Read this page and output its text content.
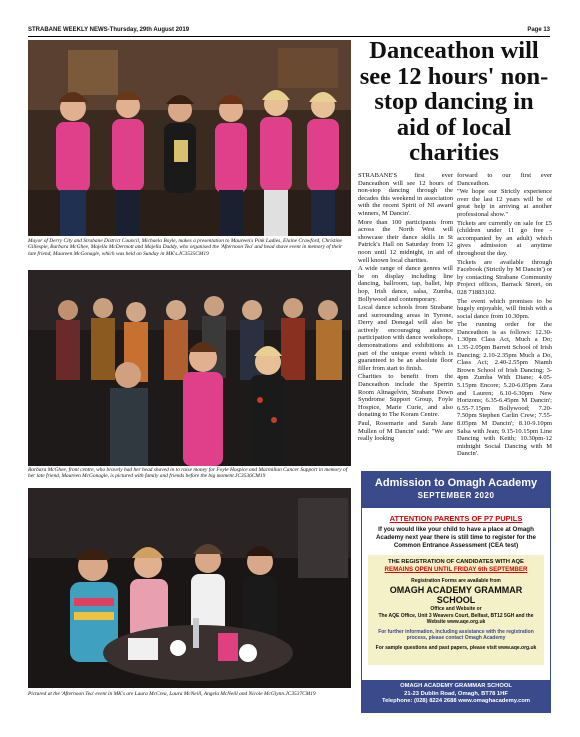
STRABANE WEEKLY NEWS-Thursday, 29th August 2019	Page 13
Mayor of Derry City and Strabane District Council, Michaela Boyle, makes a presentation to Maureen's Pink Ladies, Elaine Crawford, Christine Gillespie, Barbara McGhee, Majella McDermott and Majella Daddy, who organised the 'Afternoon Tea' and head shave event in memory of their late friend, Maureen McGonagle, which was held on Sunday in MK's.JC3535CM19
Barbara McGhee, front centre, who bravely had her head shaved in to raise money for Foyle Hospice and Macmillan Cancer Support in memory of her late friend, Maureen McGonagle, is pictured with family and friends before the big moment.JC3536CM19
Pictured at the 'Afternoon Tea' event in MK's are Laura McCrea, Laura McNeill, Angela McNeill and Nicole McGlynn.JC3537CM19
Danceathon will see 12 hours' non-stop dancing in aid of local charities

STRABANE'S first ever Danceathon will see 12 hours of non-stop dancing through the decades this weekend in association with the recent Spirit of NI award winners, M Dancin'.

More than 100 participants from across the North West will showcase their dance skills in St Patrick's Hall on Saturday from 12 noon until 12 midnight, in aid of well known local charities.

A wide range of dance genres will be on display including line dancing, ballroom, tap, ballet, hip hop, Irish dance, salsa, Zumba, Bollywood and contemporary.

Local dance schools from Strabane and surrounding areas in Tyrone, Derry and Donegal will also be actively encouraging audience participation with dance workshops, demonstrations and exhibitions as part of the unique event which is guaranteed to be an absolute floor filler from start to finish.

Charities to benefit from the Danceathon include the Sperrin Room Altnagelvin, Strabane Down Syndrome Support Group, Foyle Hospice, Marie Curie, and also donating to The Koram Centre.

Paul, Rosemarie and Sarah Jane Mullen of M Dancin' said: "We are really looking

forward to our first ever Danceathon.

"We hope our Strictly experience over the last 12 years will be of great help in arriving at another professional show."

Tickets are currently on sale for £5 (children under 11 go free - accompanied by an adult) which gives admission at anytime throughout the day.

Tickets are available through Facebook (Strictly by M Dancin') or by contacting Strabane Community Project offices, Barrack Street, on 028 71883102.

The event which promises to be hugely enjoyable, will finish with a social dance from 10.30pm.

The running order for the Danceathon is as follows: 12.30-1.30pm Class Act, Much a Do; 1.35-2.05pm Barrett School of Irish Dancing; 2.10-2.35pm Much a Do, Class Act; 2.40-2.55pm Niamh Brown School of Irish Dancing; 3-4pm Zumba With Diane; 4.05-5.15pm Encore; 5.20-6.05pm Zara and Lauren; 6.10-6.30pm New Horizons; 6.35-6.45pm M Dancin'; 6.55-7.15pm Bollywood; 7.20-7.50pm Stephen Carlin Crew; 7.55-8.05pm M Dancin'; 8.10-9.10pm Salsa with Jean; 9.15-10.15pm Line Dancing with Keith; 10.30pm-12 midnight Social Dancing with M Dancin'.

Admission to Omagh Academy
SEPTEMBER 2020
ATTENTION PARENTS OF P7 PUPILS
If you would like your child to have a place at Omagh Academy next year there is still time to register for the
Common Entrance Assessment (CEA test)
THE REGISTRATION OF CANDIDATES WITH AQE
REMAINS OPEN UNTIL FRIDAY 6th SEPTEMBER
Registration Forms are available from
OMAGH ACADEMY GRAMMAR SCHOOL
Office and Website or
The AQE Office, Unit 3 Weavers Court, Belfast, BT12 5GH and the Website www.aqe.org.uk
For further information, including assistance with the registration process, please contact Omagh Academy
For sample questions and past papers, please visit www.aqe.org.uk
OMAGH ACADEMY GRAMMAR SCHOOL
21-23 Dublin Road, Omagh, BT78 1HF
Telephone: (028) 8224 2688 www.omaghacademy.com
